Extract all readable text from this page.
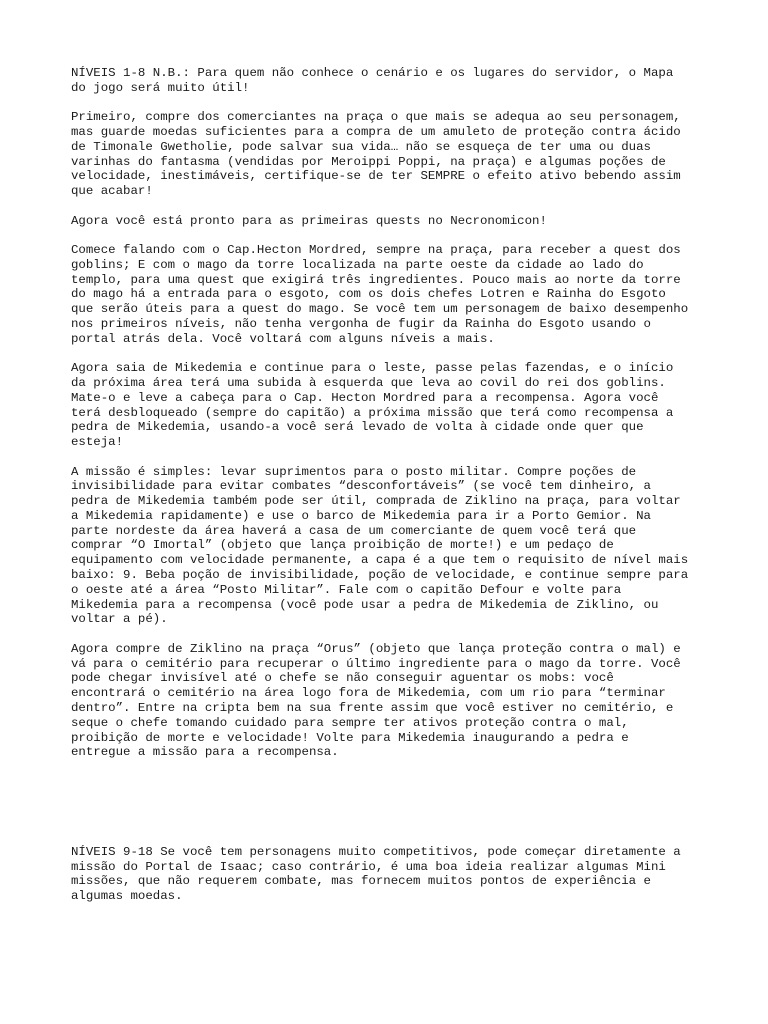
NÍVEIS 1-8 N.B.: Para quem não conhece o cenário e os lugares do servidor, o Mapa
do jogo será muito útil!

Primeiro, compre dos comerciantes na praça o que mais se adequa ao seu personagem,
mas guarde moedas suficientes para a compra de um amuleto de proteção contra ácido
de Timonale Gwetholie, pode salvar sua vida… não se esqueça de ter uma ou duas
varinhas do fantasma (vendidas por Meroippi Poppi, na praça) e algumas poções de
velocidade, inestimáveis, certifique-se de ter SEMPRE o efeito ativo bebendo assim
que acabar!

Agora você está pronto para as primeiras quests no Necronomicon!

Comece falando com o Cap.Hecton Mordred, sempre na praça, para receber a quest dos
goblins; E com o mago da torre localizada na parte oeste da cidade ao lado do
templo, para uma quest que exigirá três ingredientes. Pouco mais ao norte da torre
do mago há a entrada para o esgoto, com os dois chefes Lotren e Rainha do Esgoto
que serão úteis para a quest do mago. Se você tem um personagem de baixo desempenho
nos primeiros níveis, não tenha vergonha de fugir da Rainha do Esgoto usando o
portal atrás dela. Você voltará com alguns níveis a mais.

Agora saia de Mikedemia e continue para o leste, passe pelas fazendas, e o início
da próxima área terá uma subida à esquerda que leva ao covil do rei dos goblins.
Mate-o e leve a cabeça para o Cap. Hecton Mordred para a recompensa. Agora você
terá desbloqueado (sempre do capitão) a próxima missão que terá como recompensa a
pedra de Mikedemia, usando-a você será levado de volta à cidade onde quer que
esteja!

A missão é simples: levar suprimentos para o posto militar. Compre poções de
invisibilidade para evitar combates “desconfortáveis” (se você tem dinheiro, a
pedra de Mikedemia também pode ser útil, comprada de Ziklino na praça, para voltar
a Mikedemia rapidamente) e use o barco de Mikedemia para ir a Porto Gemior. Na
parte nordeste da área haverá a casa de um comerciante de quem você terá que
comprar “O Imortal” (objeto que lança proibição de morte!) e um pedaço de
equipamento com velocidade permanente, a capa é a que tem o requisito de nível mais
baixo: 9. Beba poção de invisibilidade, poção de velocidade, e continue sempre para
o oeste até a área “Posto Militar”. Fale com o capitão Defour e volte para
Mikedemia para a recompensa (você pode usar a pedra de Mikedemia de Ziklino, ou
voltar a pé).

Agora compre de Ziklino na praça “Orus” (objeto que lança proteção contra o mal) e
vá para o cemitério para recuperar o último ingrediente para o mago da torre. Você
pode chegar invisível até o chefe se não conseguir aguentar os mobs: você
encontrará o cemitério na área logo fora de Mikedemia, com um rio para “terminar
dentro”. Entre na cripta bem na sua frente assim que você estiver no cemitério, e
seque o chefe tomando cuidado para sempre ter ativos proteção contra o mal,
proibição de morte e velocidade! Volte para Mikedemia inaugurando a pedra e
entregue a missão para a recompensa.

NÍVEIS 9-18 Se você tem personagens muito competitivos, pode começar diretamente a
missão do Portal de Isaac; caso contrário, é uma boa ideia realizar algumas Mini
missões, que não requerem combate, mas fornecem muitos pontos de experiência e
algumas moedas.
